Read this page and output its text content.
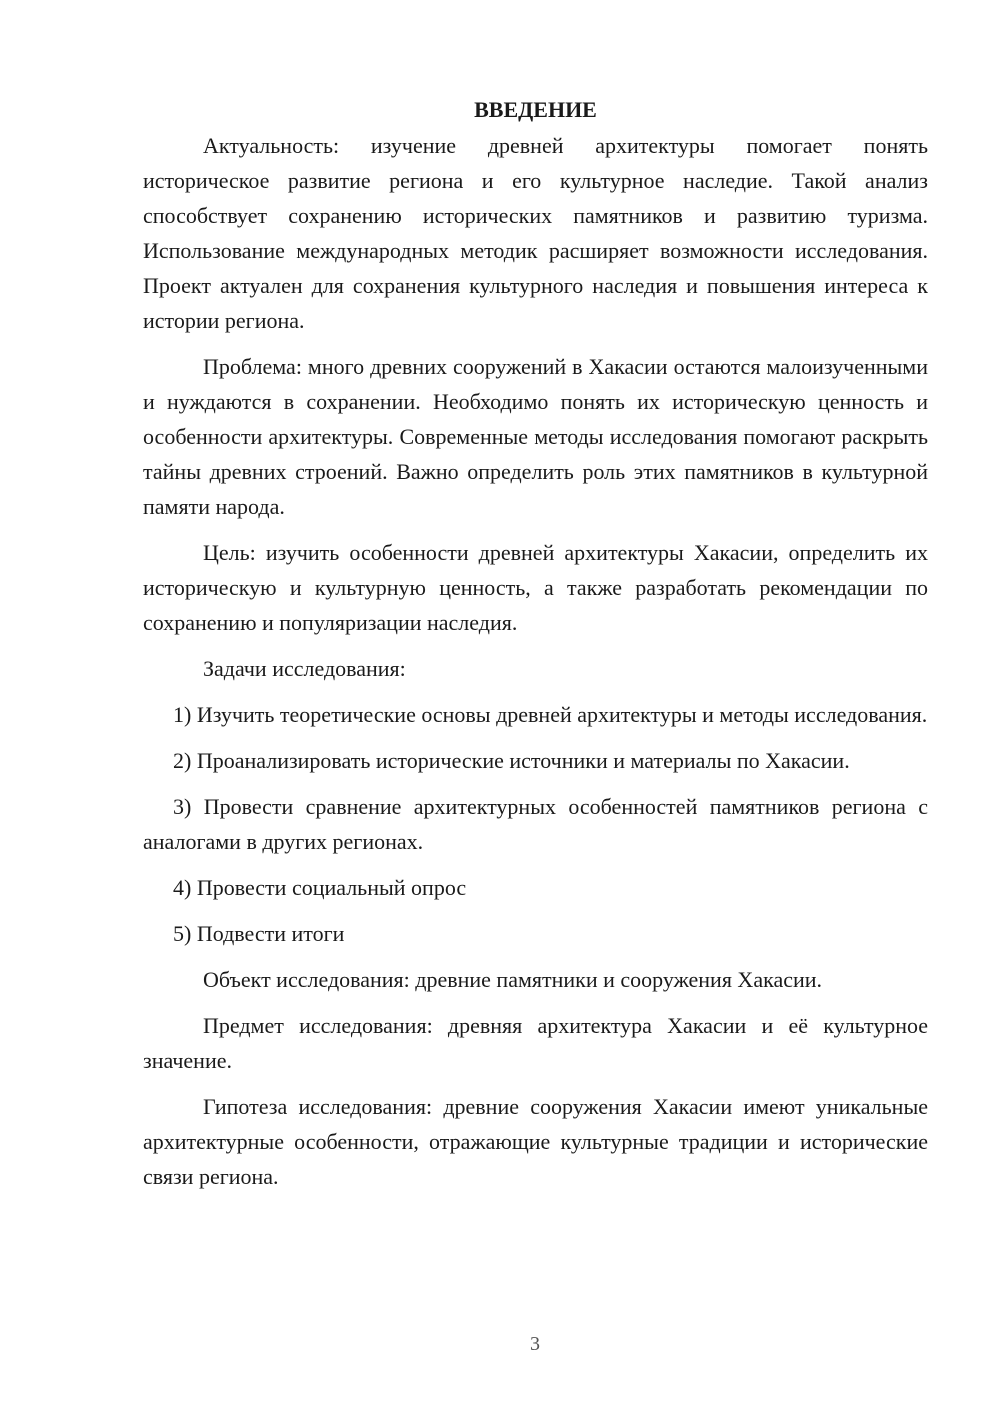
ВВЕДЕНИЕ

Актуальность: изучение древней архитектуры помогает понять историческое развитие региона и его культурное наследие. Такой анализ способствует сохранению исторических памятников и развитию туризма. Использование международных методик расширяет возможности исследования. Проект актуален для сохранения культурного наследия и повышения интереса к истории региона.

Проблема: много древних сооружений в Хакасии остаются малоизученными и нуждаются в сохранении. Необходимо понять их историческую ценность и особенности архитектуры. Современные методы исследования помогают раскрыть тайны древних строений. Важно определить роль этих памятников в культурной памяти народа.

Цель: изучить особенности древней архитектуры Хакасии, определить их историческую и культурную ценность, а также разработать рекомендации по сохранению и популяризации наследия.

Задачи исследования:

1) Изучить теоретические основы древней архитектуры и методы исследования.

2) Проанализировать исторические источники и материалы по Хакасии.

3) Провести сравнение архитектурных особенностей памятников региона с аналогами в других регионах.

4) Провести социальный опрос

5) Подвести итоги

Объект исследования: древние памятники и сооружения Хакасии.

Предмет исследования: древняя архитектура Хакасии и её культурное значение.

Гипотеза исследования: древние сооружения Хакасии имеют уникальные архитектурные особенности, отражающие культурные традиции и исторические связи региона.

3
